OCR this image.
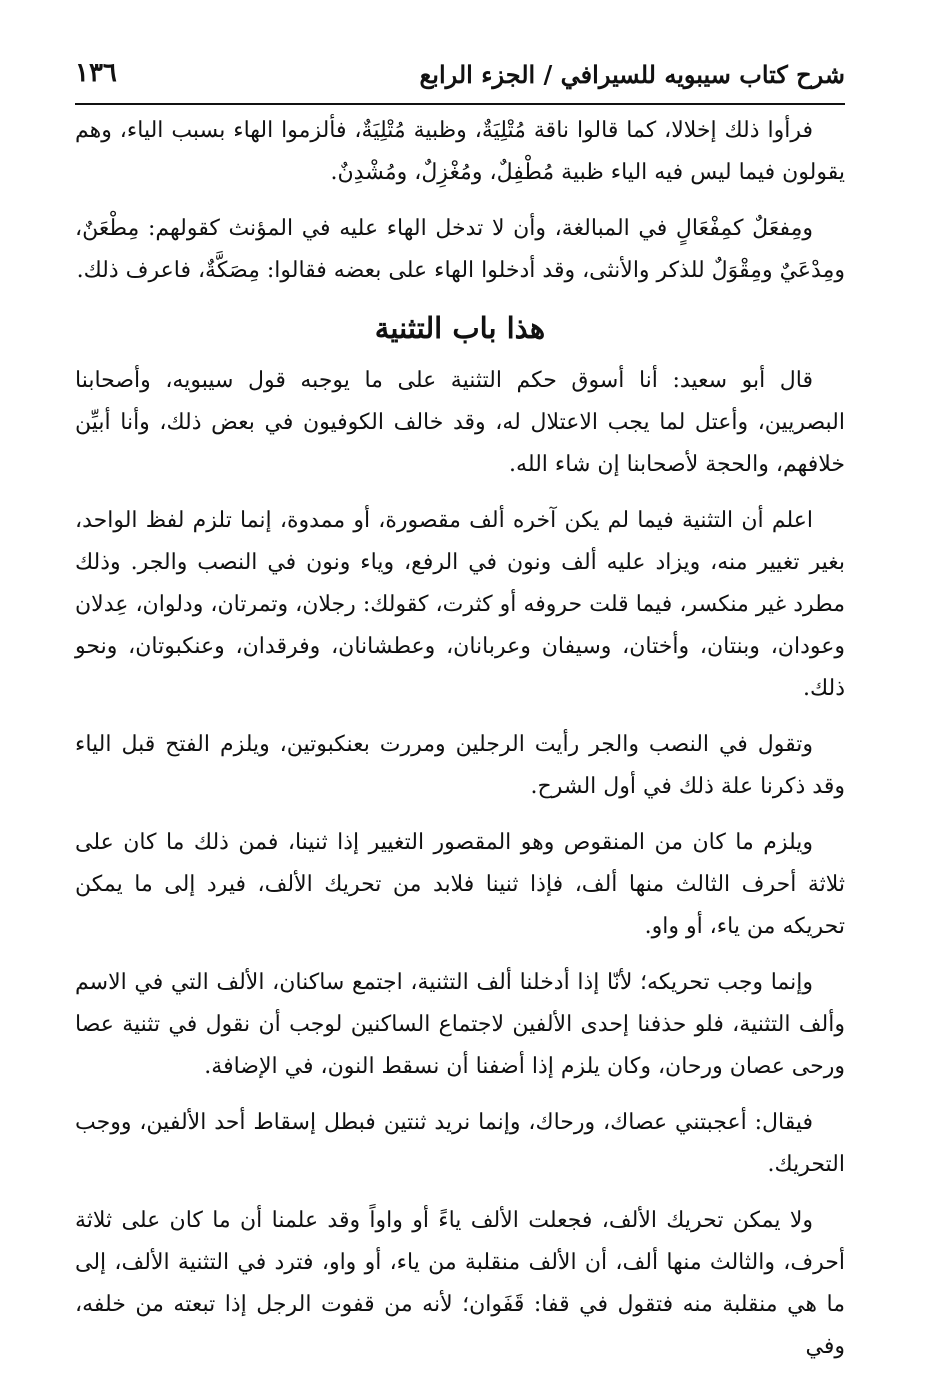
شرح كتاب سيبويه للسيرافي / الجزء الرابع
١٣٦

فرأوا ذلك إخلالا، كما قالوا ناقة مُتْلِيَةٌ، وظبية مُتْلِيَةٌ، فألزموا الهاء بسبب الياء، وهم يقولون فيما ليس فيه الياء ظبية مُطْفِلٌ، ومُغْزِلٌ، ومُشْدِنٌ.

ومِفعَلٌ كمِفْعَالٍ في المبالغة، وأن لا تدخل الهاء عليه في المؤنث كقولهم: مِطْعَنٌ، ومِدْعَيٌ ومِقْوَلٌ للذكر والأنثى، وقد أدخلوا الهاء على بعضه فقالوا: مِصَكَّةٌ، فاعرف ذلك.

هذا باب التثنية

قال أبو سعيد: أنا أسوق حكم التثنية على ما يوجبه قول سيبويه، وأصحابنا البصريين، وأعتل لما يجب الاعتلال له، وقد خالف الكوفيون في بعض ذلك، وأنا أبيِّن خلافهم، والحجة لأصحابنا إن شاء الله.

اعلم أن التثنية فيما لم يكن آخره ألف مقصورة، أو ممدوة، إنما تلزم لفظ الواحد، بغير تغيير منه، ويزاد عليه ألف ونون في الرفع، وياء ونون في النصب والجر. وذلك مطرد غير منكسر، فيما قلت حروفه أو كثرت، كقولك: رجلان، وتمرتان، ودلوان، عِدلان وعودان، وبنتان، وأختان، وسيفان وعربانان، وعطشانان، وفرقدان، وعنكبوتان، ونحو ذلك.

وتقول في النصب والجر رأيت الرجلين ومررت بعنكبوتين، ويلزم الفتح قبل الياء وقد ذكرنا علة ذلك في أول الشرح.

ويلزم ما كان من المنقوص وهو المقصور التغيير إذا ثنينا، فمن ذلك ما كان على ثلاثة أحرف الثالث منها ألف، فإذا ثنينا فلابد من تحريك الألف، فيرد إلى ما يمكن تحريكه من ياء، أو واو.

وإنما وجب تحريكه؛ لأنّا إذا أدخلنا ألف التثنية، اجتمع ساكنان، الألف التي في الاسم وألف التثنية، فلو حذفنا إحدى الألفين لاجتماع الساكنين لوجب أن نقول في تثنية عصا ورحى عصان ورحان، وكان يلزم إذا أضفنا أن نسقط النون، في الإضافة.

فيقال: أعجبتني عصاك، ورحاك، وإنما نريد ثنتين فبطل إسقاط أحد الألفين، ووجب التحريك.

ولا يمكن تحريك الألف، فجعلت الألف ياءً أو واواً وقد علمنا أن ما كان على ثلاثة أحرف، والثالث منها ألف، أن الألف منقلبة من ياء، أو واو، فترد في التثنية الألف، إلى ما هي منقلبة منه فتقول في قفا: قَفَوان؛ لأنه من قفوت الرجل إذا تبعته من خلفه، وفي
